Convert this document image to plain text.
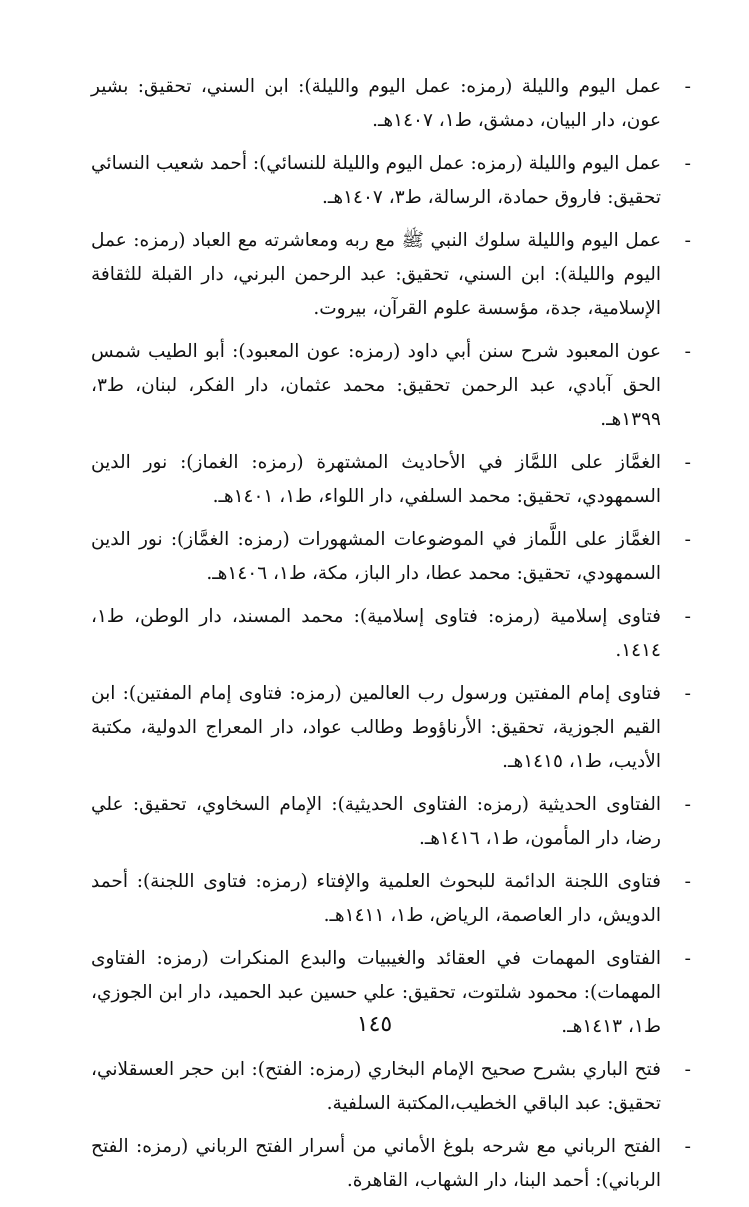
-
عمل اليوم والليلة (رمزه: عمل اليوم والليلة): ابن السني، تحقيق: بشير عون، دار البيان، دمشق، ط١، ١٤٠٧هـ.
-
عمل اليوم والليلة (رمزه: عمل اليوم والليلة للنسائي): أحمد شعيب النسائي تحقيق: فاروق حمادة، الرسالة، ط٣، ١٤٠٧هـ.
-
عمل اليوم والليلة سلوك النبي ﷺ مع ربه ومعاشرته مع العباد (رمزه: عمل اليوم والليلة): ابن السني، تحقيق: عبد الرحمن البرني، دار القبلة للثقافة الإسلامية، جدة، مؤسسة علوم القرآن، بيروت.
-
عون المعبود شرح سنن أبي داود (رمزه: عون المعبود): أبو الطيب شمس الحق آبادي، عبد الرحمن تحقيق: محمد عثمان، دار الفكر، لبنان، ط٣، ١٣٩٩هـ.
-
الغمَّاز على اللمَّاز في الأحاديث المشتهرة (رمزه: الغماز): نور الدين السمهودي، تحقيق: محمد السلفي، دار اللواء، ط١، ١٤٠١هـ.
-
الغمَّاز على اللَّماز في الموضوعات المشهورات (رمزه: الغمَّاز): نور الدين السمهودي، تحقيق: محمد عطا، دار الباز، مكة، ط١، ١٤٠٦هـ.
-
فتاوى إسلامية (رمزه: فتاوى إسلامية): محمد المسند، دار الوطن، ط١، ١٤١٤.
-
فتاوى إمام المفتين ورسول رب العالمين (رمزه: فتاوى إمام المفتين): ابن القيم الجوزية، تحقيق: الأرناؤوط وطالب عواد، دار المعراج الدولية، مكتبة الأديب، ط١، ١٤١٥هـ.
-
الفتاوى الحديثية (رمزه: الفتاوى الحديثية): الإمام السخاوي، تحقيق: علي رضا، دار المأمون، ط١، ١٤١٦هـ.
-
فتاوى اللجنة الدائمة للبحوث العلمية والإفتاء (رمزه: فتاوى اللجنة): أحمد الدويش، دار العاصمة، الرياض، ط١، ١٤١١هـ.
-
الفتاوى المهمات في العقائد والغيبيات والبدع المنكرات (رمزه: الفتاوى المهمات): محمود شلتوت، تحقيق: علي حسين عبد الحميد، دار ابن الجوزي، ط١، ١٤١٣هـ.
-
فتح الباري بشرح صحيح الإمام البخاري (رمزه: الفتح): ابن حجر العسقلاني، تحقيق: عبد الباقي الخطيب،المكتبة السلفية.
-
الفتح الرباني مع شرحه بلوغ الأماني من أسرار الفتح الرباني (رمزه: الفتح الرباني): أحمد البنا، دار الشهاب، القاهرة.
١٤٥
